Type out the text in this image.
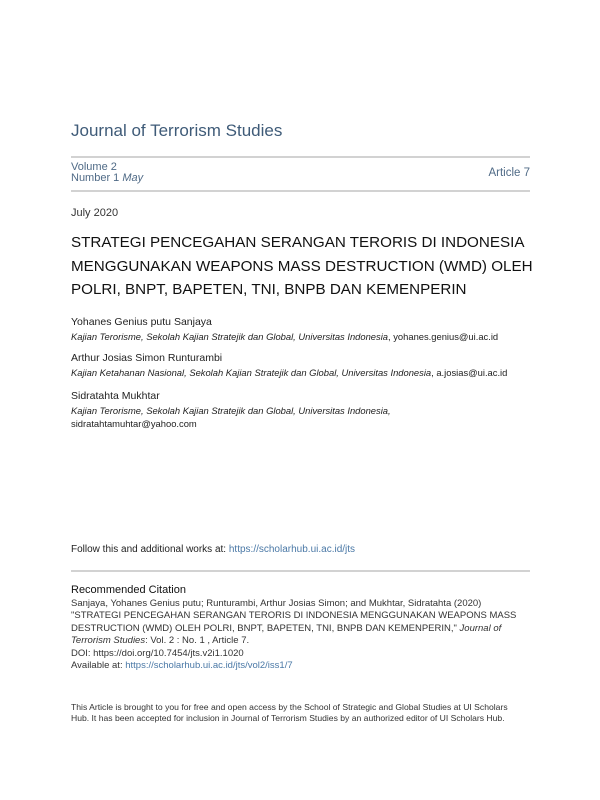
Journal of Terrorism Studies
Volume 2
Number 1 May	Article 7
July 2020
STRATEGI PENCEGAHAN SERANGAN TERORIS DI INDONESIA
MENGGUNAKAN WEAPONS MASS DESTRUCTION (WMD) OLEH
POLRI, BNPT, BAPETEN, TNI, BNPB DAN KEMENPERIN
Yohanes Genius putu Sanjaya
Kajian Terorisme, Sekolah Kajian Stratejik dan Global, Universitas Indonesia, yohanes.genius@ui.ac.id
Arthur Josias Simon Runturambi
Kajian Ketahanan Nasional, Sekolah Kajian Stratejik dan Global, Universitas Indonesia, a.josias@ui.ac.id
Sidratahta Mukhtar
Kajian Terorisme, Sekolah Kajian Stratejik dan Global, Universitas Indonesia,
sidratahtamuhtar@yahoo.com
Follow this and additional works at: https://scholarhub.ui.ac.id/jts
Recommended Citation
Sanjaya, Yohanes Genius putu; Runturambi, Arthur Josias Simon; and Mukhtar, Sidratahta (2020)
"STRATEGI PENCEGAHAN SERANGAN TERORIS DI INDONESIA MENGGUNAKAN WEAPONS MASS
DESTRUCTION (WMD) OLEH POLRI, BNPT, BAPETEN, TNI, BNPB DAN KEMENPERIN," Journal of
Terrorism Studies: Vol. 2 : No. 1 , Article 7.
DOI: https://doi.org/10.7454/jts.v2i1.1020
Available at: https://scholarhub.ui.ac.id/jts/vol2/iss1/7
This Article is brought to you for free and open access by the School of Strategic and Global Studies at UI Scholars
Hub. It has been accepted for inclusion in Journal of Terrorism Studies by an authorized editor of UI Scholars Hub.
